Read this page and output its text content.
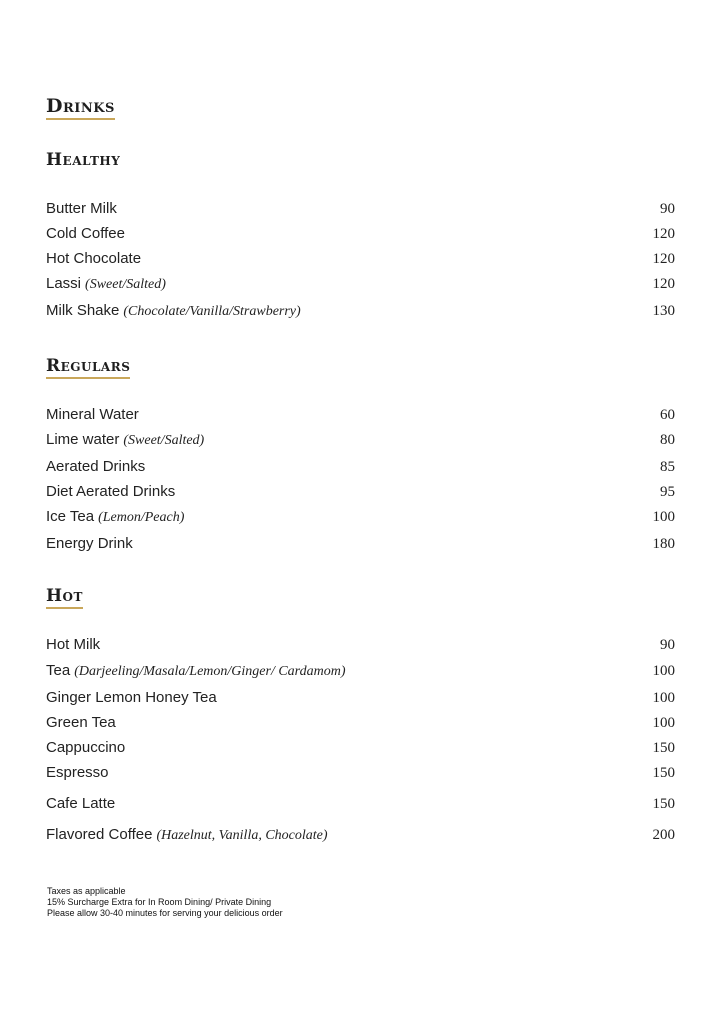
Drinks
Healthy
Butter Milk	90
Cold Coffee	120
Hot Chocolate	120
Lassi (Sweet/Salted)	120
Milk Shake (Chocolate/Vanilla/Strawberry)	130
Regulars
Mineral Water	60
Lime water (Sweet/Salted)	80
Aerated Drinks	85
Diet Aerated Drinks	95
Ice Tea (Lemon/Peach)	100
Energy Drink	180
Hot
Hot Milk	90
Tea (Darjeeling/Masala/Lemon/Ginger/ Cardamom)	100
Ginger Lemon Honey Tea	100
Green Tea	100
Cappuccino	150
Espresso	150
Cafe Latte	150
Flavored Coffee (Hazelnut, Vanilla, Chocolate)	200
Taxes as applicable
15% Surcharge Extra for In Room Dining/ Private Dining
Please allow 30-40 minutes for serving your delicious order
